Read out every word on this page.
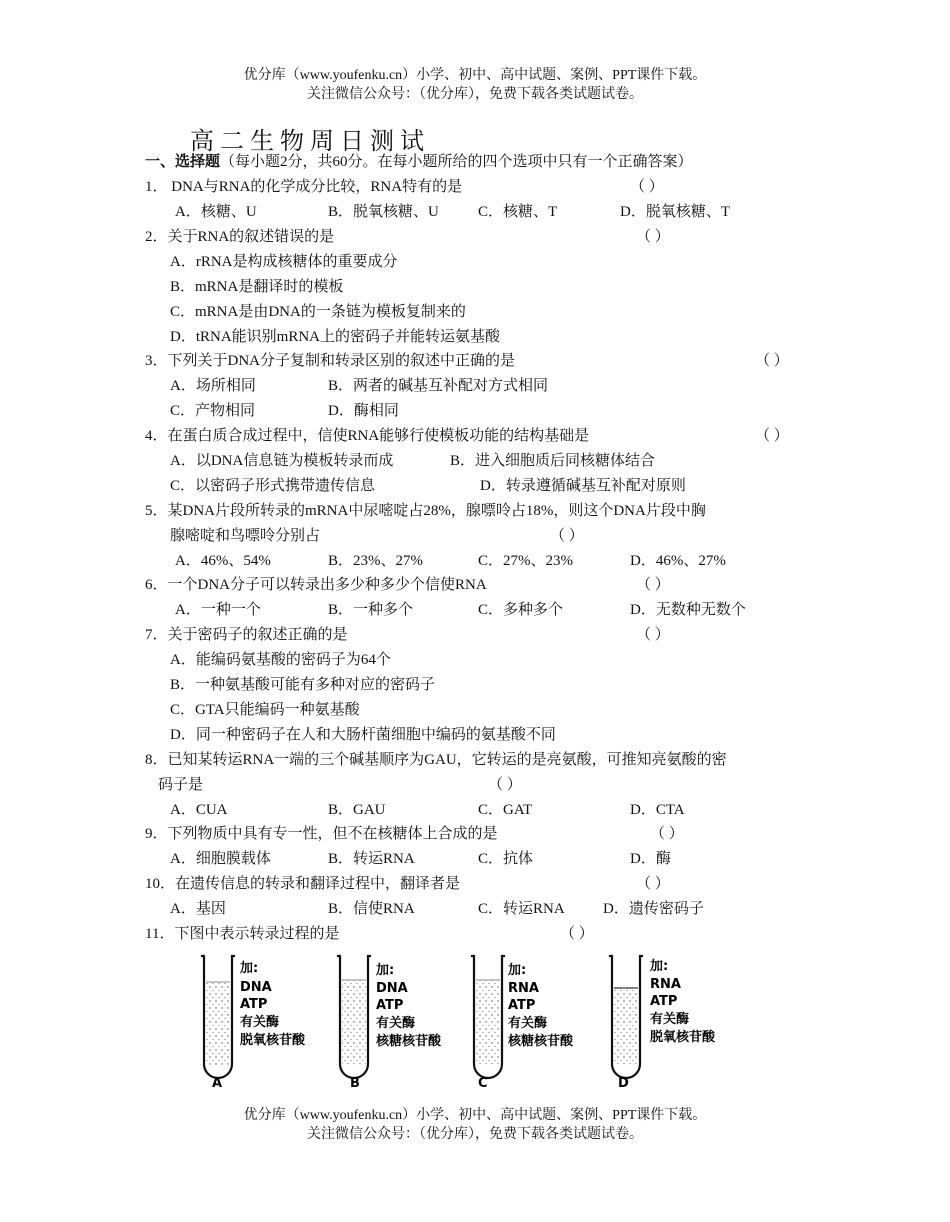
优分库（www.youfenku.cn）小学、初中、高中试题、案例、PPT课件下载。
关注微信公众号：（优分库），免费下载各类试题试卷。
高二生物周日测试
一、选择题（每小题2分，共60分。在每小题所给的四个选项中只有一个正确答案）
1． DNA与RNA的化学成分比较，RNA特有的是	（ ）
A．核糖、U	B．脱氧核糖、U	C．核糖、T	D．脱氧核糖、T
2．关于RNA的叙述错误的是	（ ）
A．rRNA是构成核糖体的重要成分
B．mRNA是翻译时的模板
C．mRNA是由DNA的一条链为模板复制来的
D．tRNA能识别mRNA上的密码子并能转运氨基酸
3．下列关于DNA分子复制和转录区别的叙述中正确的是	（ ）
A．场所相同	B．两者的碱基互补配对方式相同
C．产物相同	D．酶相同
4．在蛋白质合成过程中，信使RNA能够行使模板功能的结构基础是	（ ）
A．以DNA信息链为模板转录而成	B．进入细胞质后同核糖体结合
C．以密码子形式携带遗传信息	D．转录遵循碱基互补配对原则
5．某DNA片段所转录的mRNA中尿嘧啶占28%，腺嘌呤占18%，则这个DNA片段中胸
腺嘧啶和鸟嘌呤分别占	（ ）
A．46%、54%	B．23%、27%	C．27%、23%	D．46%、27%
6．一个DNA分子可以转录出多少种多少个信使RNA	（ ）
A．一种一个	B．一种多个	C．多种多个	D．无数种无数个
7．关于密码子的叙述正确的是	（ ）
A．能编码氨基酸的密码子为64个
B．一种氨基酸可能有多种对应的密码子
C．GTA只能编码一种氨基酸
D．同一种密码子在人和大肠杆菌细胞中编码的氨基酸不同
8．已知某转运RNA一端的三个碱基顺序为GAU，它转运的是亮氨酸，可推知亮氨酸的密
码子是	（ ）
A．CUA	B．GAU	C．GAT	D．CTA
9．下列物质中具有专一性，但不在核糖体上合成的是	（ ）
A．细胞膜载体	B．转运RNA	C．抗体	D．酶
10．在遗传信息的转录和翻译过程中，翻译者是	（ ）
A．基因	B．信使RNA	C．转运RNA	D．遗传密码子
11．下图中表示转录过程的是	（ ）
加:
DNA
ATP
有关酶
脱氧核苷酸
A
加:
DNA
ATP
有关酶
核糖核苷酸
B
加:
RNA
ATP
有关酶
核糖核苷酸
C
加:
RNA
ATP
有关酶
脱氧核苷酸
D
优分库（www.youfenku.cn）小学、初中、高中试题、案例、PPT课件下载。
关注微信公众号：（优分库），免费下载各类试题试卷。
